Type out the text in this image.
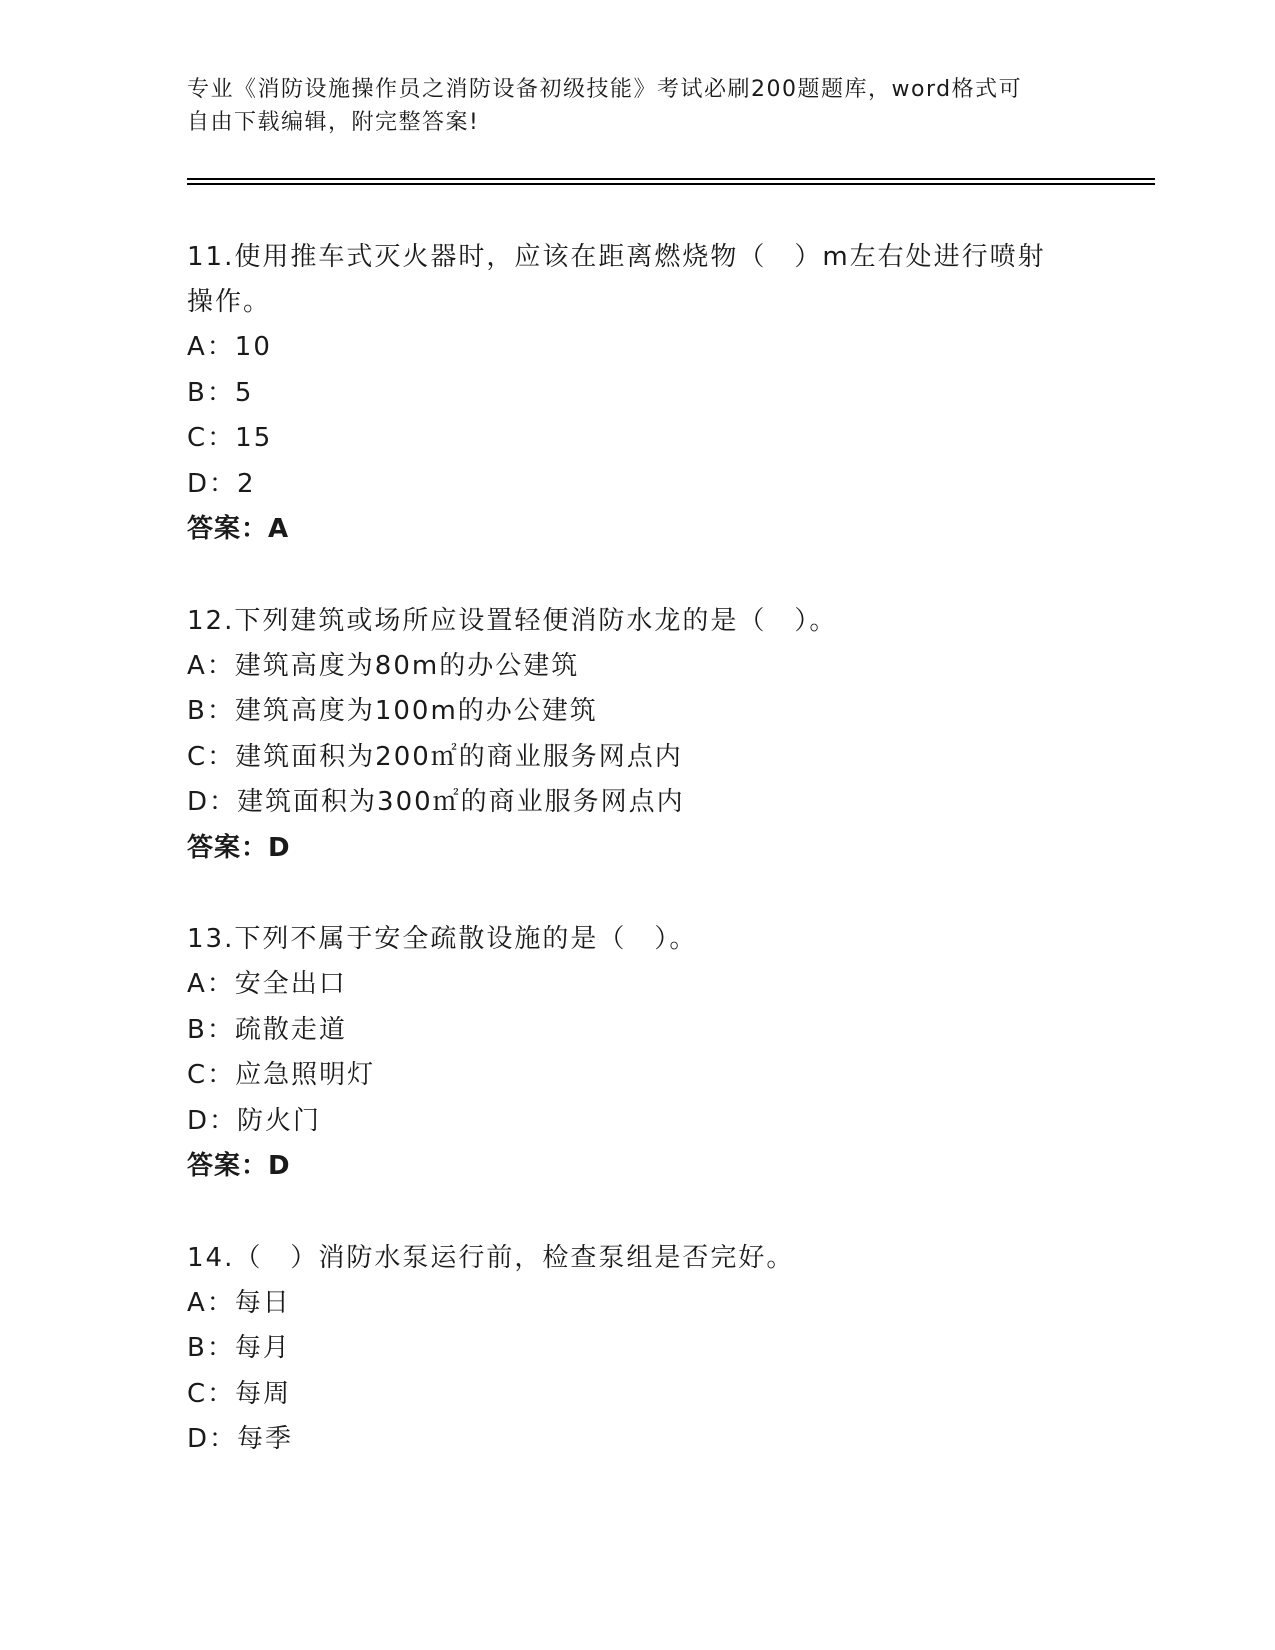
专业《消防设施操作员之消防设备初级技能》考试必刷200题题库，word格式可
自由下载编辑，附完整答案!
11.使用推车式灭火器时，应该在距离燃烧物（　）m左右处进行喷射
操作。
A：10
B：5
C：15
D：2
答案：A
12.下列建筑或场所应设置轻便消防水龙的是（　）。
A：建筑高度为80m的办公建筑
B：建筑高度为100m的办公建筑
C：建筑面积为200㎡的商业服务网点内
D：建筑面积为300㎡的商业服务网点内
答案：D
13.下列不属于安全疏散设施的是（　）。
A：安全出口
B：疏散走道
C：应急照明灯
D：防火门
答案：D
14.（　）消防水泵运行前，检查泵组是否完好。
A：每日
B：每月
C：每周
D：每季
